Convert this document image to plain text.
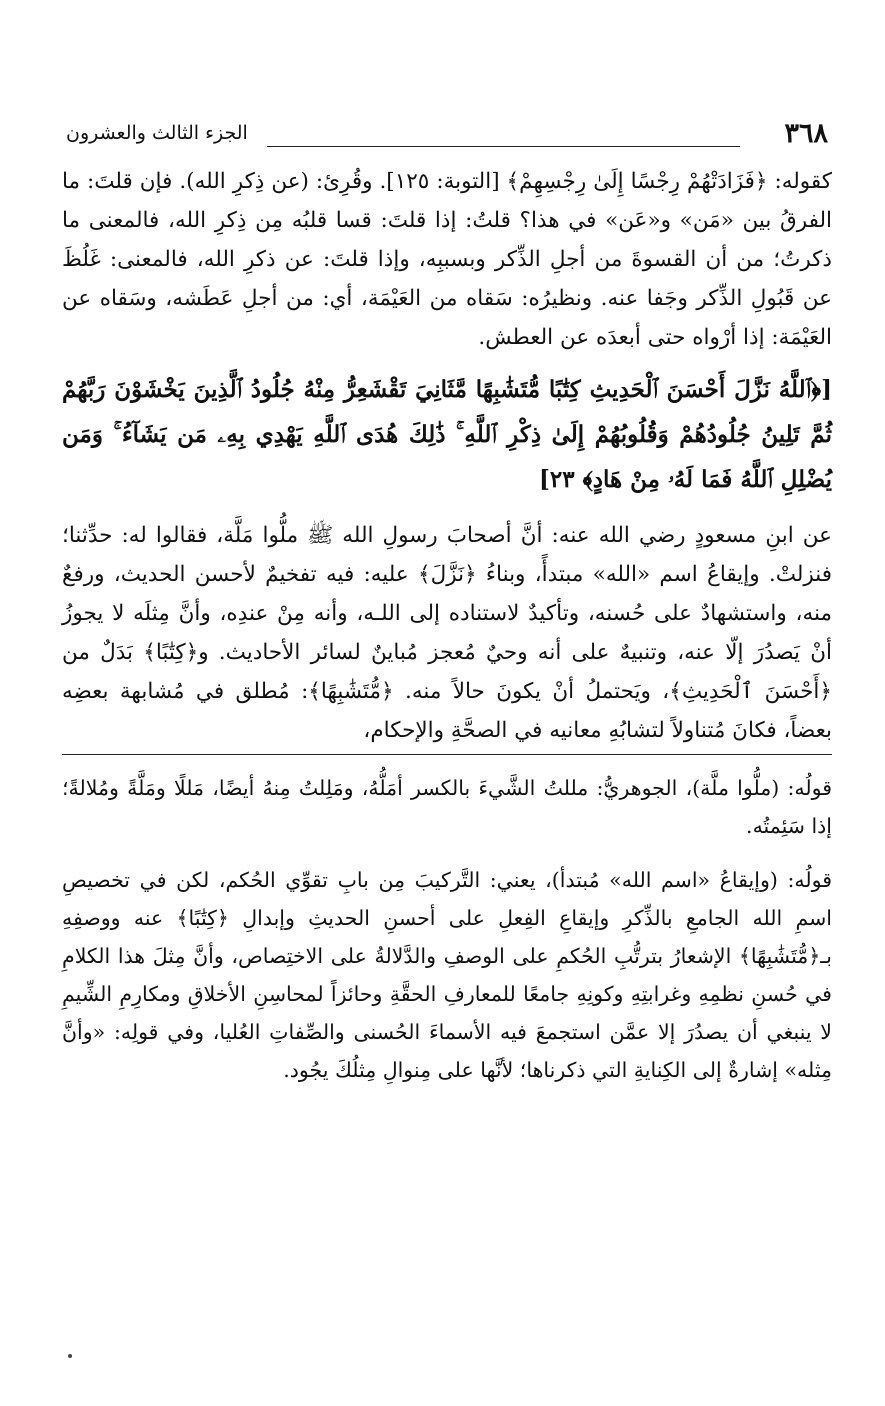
٣٦٨
الجزء الثالث والعشرون

كقوله: ﴿فَزَادَتْهُمْ رِجْسًا إِلَىٰ رِجْسِهِمْ﴾ [التوبة: ١٢٥]. وقُرِئ: (عن ذِكرِ الله). فإن قلتَ: ما الفرقُ بين «مَن» و«عَن» في هذا؟ قلتُ: إذا قلتَ: قسا قلبُه مِن ذِكرِ الله، فالمعنى ما ذكرتُ؛ من أن القسوةَ من أجلِ الذِّكر وبسببِه، وإذا قلتَ: عن ذكرِ الله، فالمعنى: غَلُظَ عن قَبُولِ الذِّكر وجَفا عنه. ونظيرُه: سَقاه من العَيْمَة، أي: من أجلِ عَطَشه، وسَقاه عن العَيْمَة: إذا أرْواه حتى أبعدَه عن العطش.

[﴿ٱللَّهُ نَزَّلَ أَحْسَنَ ٱلْحَدِيثِ كِتَٰبًا مُّتَشَٰبِهًا مَّثَانِيَ تَقْشَعِرُّ مِنْهُ جُلُودُ ٱلَّذِينَ يَخْشَوْنَ رَبَّهُمْ ثُمَّ تَلِينُ جُلُودُهُمْ وَقُلُوبُهُمْ إِلَىٰ ذِكْرِ ٱللَّهِ ۚ ذَٰلِكَ هُدَى ٱللَّهِ يَهْدِي بِهِۦ مَن يَشَآءُ ۚ وَمَن يُضْلِلِ ٱللَّهُ فَمَا لَهُۥ مِنْ هَادٍ﴾ ٢٣]

عن ابنِ مسعودٍ رضي الله عنه: أنَّ أصحابَ رسولِ الله ﷺ ملُّوا مَلَّة، فقالوا له: حدِّثنا؛ فنزلتْ. وإيقاعُ اسم «الله» مبتدأً، وبناءُ ﴿نَزَّلَ﴾ عليه: فيه تفخيمٌ لأحسن الحديث، ورفعٌ منه، واستشهادٌ على حُسنه، وتأكيدٌ لاستناده إلى اللـه، وأنه مِنْ عندِه، وأنَّ مِثلَه لا يجوزُ أنْ يَصدُرَ إلّا عنه، وتنبيهٌ على أنه وحيٌ مُعجز مُباينٌ لسائر الأحاديث. و﴿كِتَٰبًا﴾ بَدَلٌ من ﴿أَحْسَنَ ٱلْحَدِيثِ﴾، ويَحتملُ أنْ يكونَ حالاً منه. ﴿مُّتَشَٰبِهًا﴾: مُطلق في مُشابهة بعضِه بعضاً، فكانَ مُتناولاً لتشابُهِ معانيه في الصحَّةِ والإحكام،

قولُه: (ملُّوا ملَّة)، الجوهريُّ: مللتُ الشَّيءَ بالكسر أمَلُّهُ، ومَلِلتُ مِنهُ أيضًا، مَللًا ومَلَّةً ومُلالةً؛ إذا سَئِمتُه.

قولُه: (وإيقاعُ «اسم الله» مُبتدأ)، يعني: التَّركيبَ مِن بابِ تقوِّي الحُكم، لكن في تخصيصِ اسمِ الله الجامعِ بالذِّكرِ وإيقاعِ الفِعلِ على أحسنِ الحديثِ وإبدالِ ﴿كِتَٰبًا﴾ عنه ووصفِهِ بـ﴿مُّتَشَٰبِهًا﴾ الإشعارُ بترتُّبِ الحُكمِ على الوصفِ والدَّلالةُ على الاختِصاص، وأنَّ مِثلَ هذا الكلامِ في حُسنِ نظمِهِ وغرابتِهِ وكونِهِ جامعًا للمعارفِ الحقَّةِ وحائزاً لمحاسِنِ الأخلاقِ ومكارِمِ الشِّيمِ لا ينبغي أن يصدُرَ إلا عمَّن استجمعَ فيه الأسماءَ الحُسنى والصِّفاتِ العُليا، وفي قولِه: «وأنَّ مِثله» إشارةٌ إلى الكِنايةِ التي ذكرناها؛ لأنَّها على مِنوالِ مِثلُكَ يجُود.
